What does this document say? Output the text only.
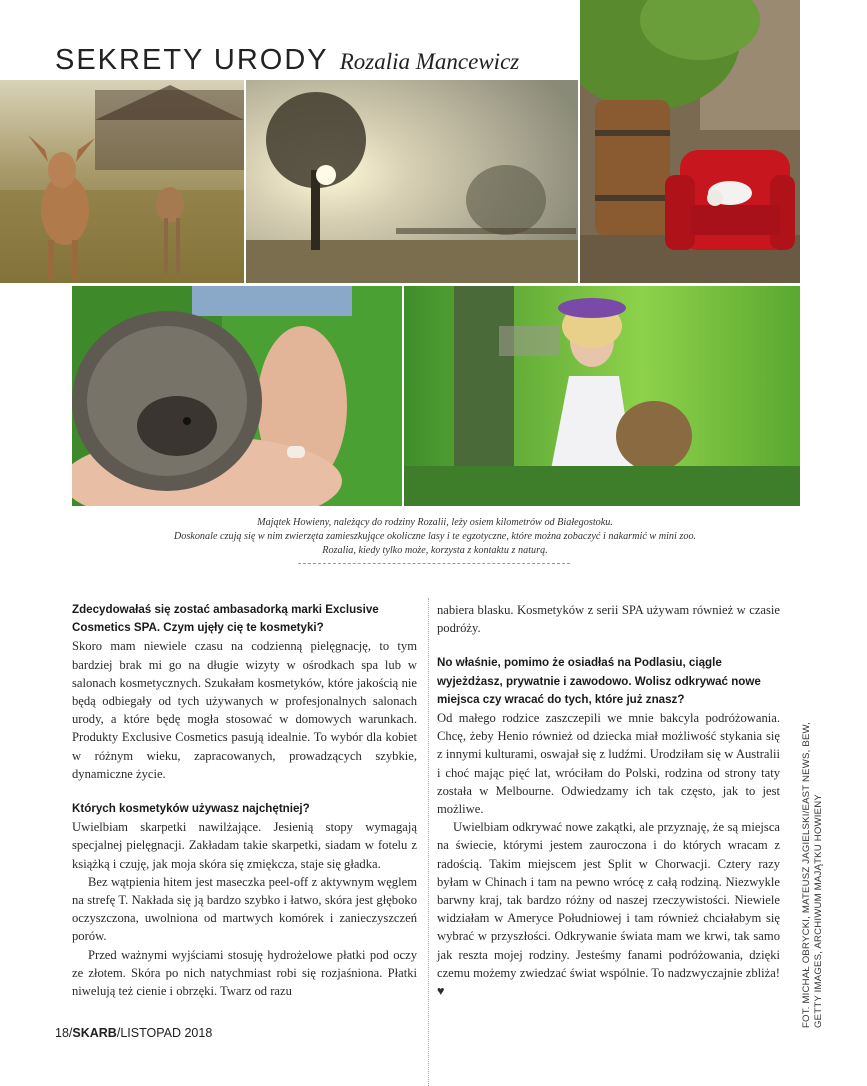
SEKRETY URODY Rozalia Mancewicz
Majątek Howieny, należący do rodziny Rozalii, leży osiem kilometrów od Białegostoku.
Doskonale czują się w nim zwierzęta zamieszkujące okoliczne lasy i te egzotyczne, które można zobaczyć i nakarmić w mini zoo.
Rozalia, kiedy tylko może, korzysta z kontaktu z naturą.

Zdecydowałaś się zostać ambasadorką marki Exclusive Cosmetics SPA. Czym ujęły cię te kosmetyki?

Skoro mam niewiele czasu na codzienną pielęgnację, to tym bardziej brak mi go na długie wizyty w ośrodkach spa lub w salonach kosmetycznych. Szukałam kosmetyków, które jakością nie będą odbiegały od tych używanych w profesjonalnych salonach urody, a które będę mogła stosować w domowych warunkach. Produkty Exclusive Cosmetics pasują idealnie. To wybór dla kobiet w różnym wieku, zapracowanych, prowadzących szybkie, dynamiczne życie.

Których kosmetyków używasz najchętniej?

Uwielbiam skarpetki nawilżające. Jesienią stopy wymagają specjalnej pielęgnacji. Zakładam takie skarpetki, siadam w fotelu z książką i czuję, jak moja skóra się zmiękcza, staje się gładka.

Bez wątpienia hitem jest maseczka peel-off z aktywnym węglem na strefę T. Nakłada się ją bardzo szybko i łatwo, skóra jest głęboko oczyszczona, uwolniona od martwych komórek i zanieczyszczeń porów.

Przed ważnymi wyjściami stosuję hydrożelowe płatki pod oczy ze złotem. Skóra po nich natychmiast robi się rozjaśniona. Płatki niwelują też cienie i obrzęki. Twarz od razu

nabiera blasku. Kosmetyków z serii SPA używam również w czasie podróży.

No właśnie, pomimo że osiadłaś na Podlasiu, ciągle wyjeżdżasz, prywatnie i zawodowo. Wolisz odkrywać nowe miejsca czy wracać do tych, które już znasz?

Od małego rodzice zaszczepili we mnie bakcyla podróżowania. Chcę, żeby Henio również od dziecka miał możliwość stykania się z innymi kulturami, oswajał się z ludźmi. Urodziłam się w Australii i choć mając pięć lat, wróciłam do Polski, rodzina od strony taty została w Melbourne. Odwiedzamy ich tak często, jak to jest możliwe.

Uwielbiam odkrywać nowe zakątki, ale przyznaję, że są miejsca na świecie, którymi jestem zauroczona i do których wracam z radością. Takim miejscem jest Split w Chorwacji. Cztery razy byłam w Chinach i tam na pewno wrócę z całą rodziną. Niezwykle barwny kraj, tak bardzo różny od naszej rzeczywistości. Niewiele widziałam w Ameryce Południowej i tam również chciałabym się wybrać w przyszłości. Odkrywanie świata mam we krwi, tak samo jak reszta mojej rodziny. Jesteśmy fanami podróżowania, dzięki czemu możemy zwiedzać świat wspólnie. To nadzwyczajnie zbliża! ♥

18/SKARB/LISTOPAD 2018
FOT. MICHAŁ OBRYCKI, MATEUSZ JAGIELSKI/EAST NEWS, BEW, GETTY IMAGES, ARCHIWUM MAJĄTKU HOWIENY
